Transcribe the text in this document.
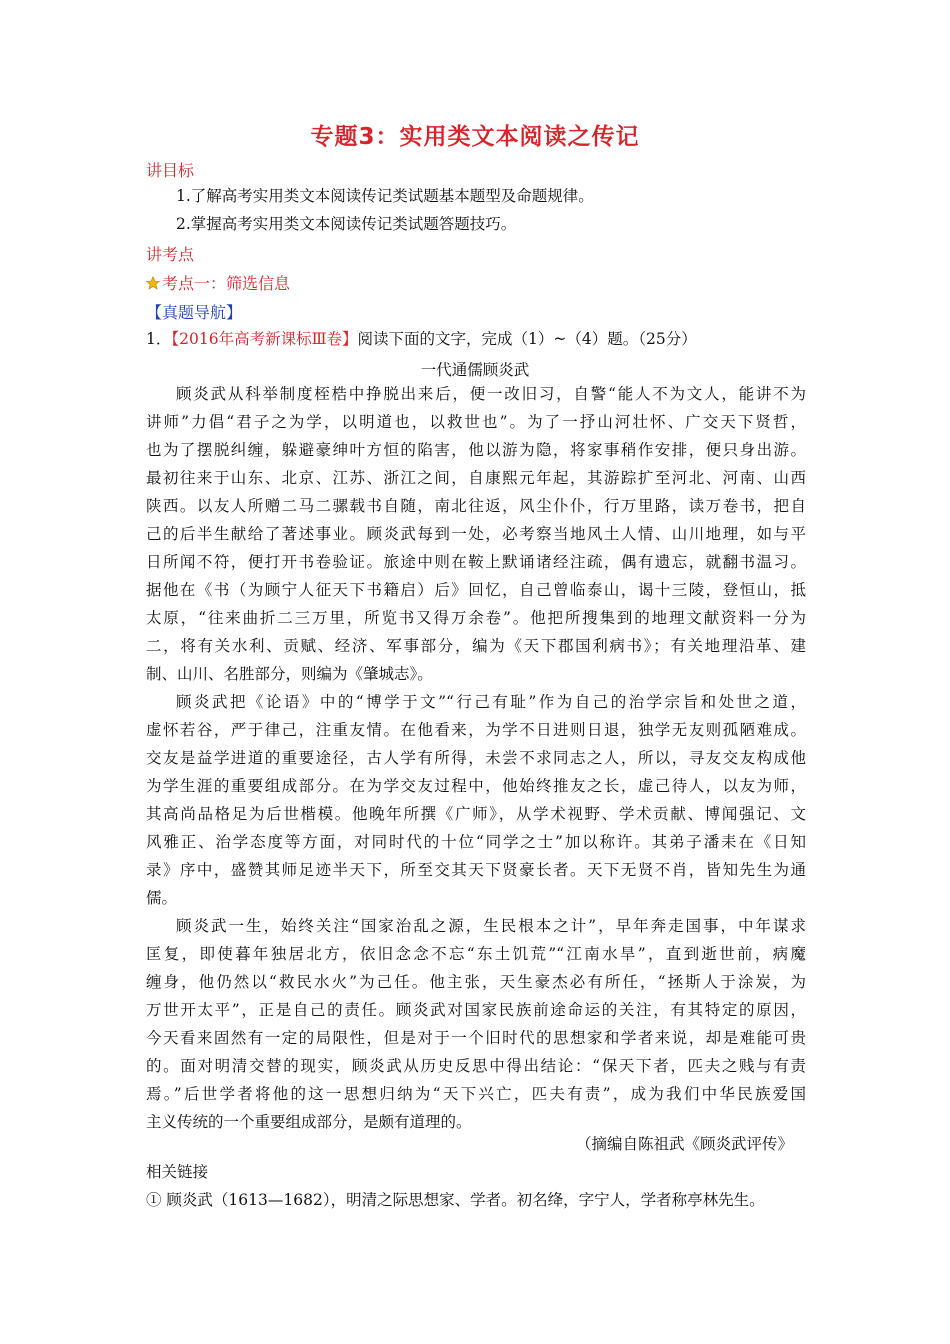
专题3：实用类文本阅读之传记
讲目标
1.了解高考实用类文本阅读传记类试题基本题型及命题规律。
2.掌握高考实用类文本阅读传记类试题答题技巧。
讲考点
考点一：筛选信息
【真题导航】
1．【2016年高考新课标Ⅲ卷】阅读下面的文字，完成（1）~（4）题。（25分）
一代通儒顾炎武
顾炎武从科举制度桎梏中挣脱出来后，便一改旧习，自警“能人不为文人，能讲不为
讲师”力倡“君子之为学，以明道也，以救世也”。为了一抒山河壮怀、广交天下贤哲，
也为了摆脱纠缠，躲避豪绅叶方恒的陷害，他以游为隐，将家事稍作安排，便只身出游。
最初往来于山东、北京、江苏、浙江之间，自康熙元年起，其游踪扩至河北、河南、山西
陕西。以友人所赠二马二骡载书自随，南北往返，风尘仆仆，行万里路，读万卷书，把自
己的后半生献给了著述事业。顾炎武每到一处，必考察当地风土人情、山川地理，如与平
日所闻不符，便打开书卷验证。旅途中则在鞍上默诵诸经注疏，偶有遗忘，就翻书温习。
据他在《书（为顾宁人征天下书籍启）后》回忆，自己曾临泰山，谒十三陵，登恒山，抵
太原，“往来曲折二三万里，所览书又得万余卷”。他把所搜集到的地理文献资料一分为
二，将有关水利、贡赋、经济、军事部分，编为《天下郡国利病书》；有关地理沿革、建
制、山川、名胜部分，则编为《肇城志》。
顾炎武把《论语》中的“博学于文”“行己有耻”作为自己的治学宗旨和处世之道，
虚怀若谷，严于律己，注重友情。在他看来，为学不日进则日退，独学无友则孤陋难成。
交友是益学进道的重要途径，古人学有所得，未尝不求同志之人，所以，寻友交友构成他
为学生涯的重要组成部分。在为学交友过程中，他始终推友之长，虚己待人，以友为师，
其高尚品格足为后世楷模。他晚年所撰《广师》，从学术视野、学术贡献、博闻强记、文
风雅正、治学态度等方面，对同时代的十位“同学之士”加以称许。其弟子潘耒在《日知
录》序中，盛赞其师足迹半天下，所至交其天下贤豪长者。天下无贤不肖，皆知先生为通
儒。
顾炎武一生，始终关注“国家治乱之源，生民根本之计”，早年奔走国事，中年谋求
匡复，即使暮年独居北方，依旧念念不忘“东土饥荒”“江南水旱”，直到逝世前，病魔
缠身，他仍然以“救民水火”为己任。他主张，天生豪杰必有所任，“拯斯人于涂炭，为
万世开太平”，正是自己的责任。顾炎武对国家民族前途命运的关注，有其特定的原因，
今天看来固然有一定的局限性，但是对于一个旧时代的思想家和学者来说，却是难能可贵
的。面对明清交替的现实，顾炎武从历史反思中得出结论：“保天下者，匹夫之贱与有责
焉。”后世学者将他的这一思想归纳为“天下兴亡，匹夫有责”，成为我们中华民族爱国
主义传统的一个重要组成部分，是颇有道理的。
（摘编自陈祖武《顾炎武评传》
相关链接
① 顾炎武（1613—1682），明清之际思想家、学者。初名绛，字宁人，学者称亭林先生。
